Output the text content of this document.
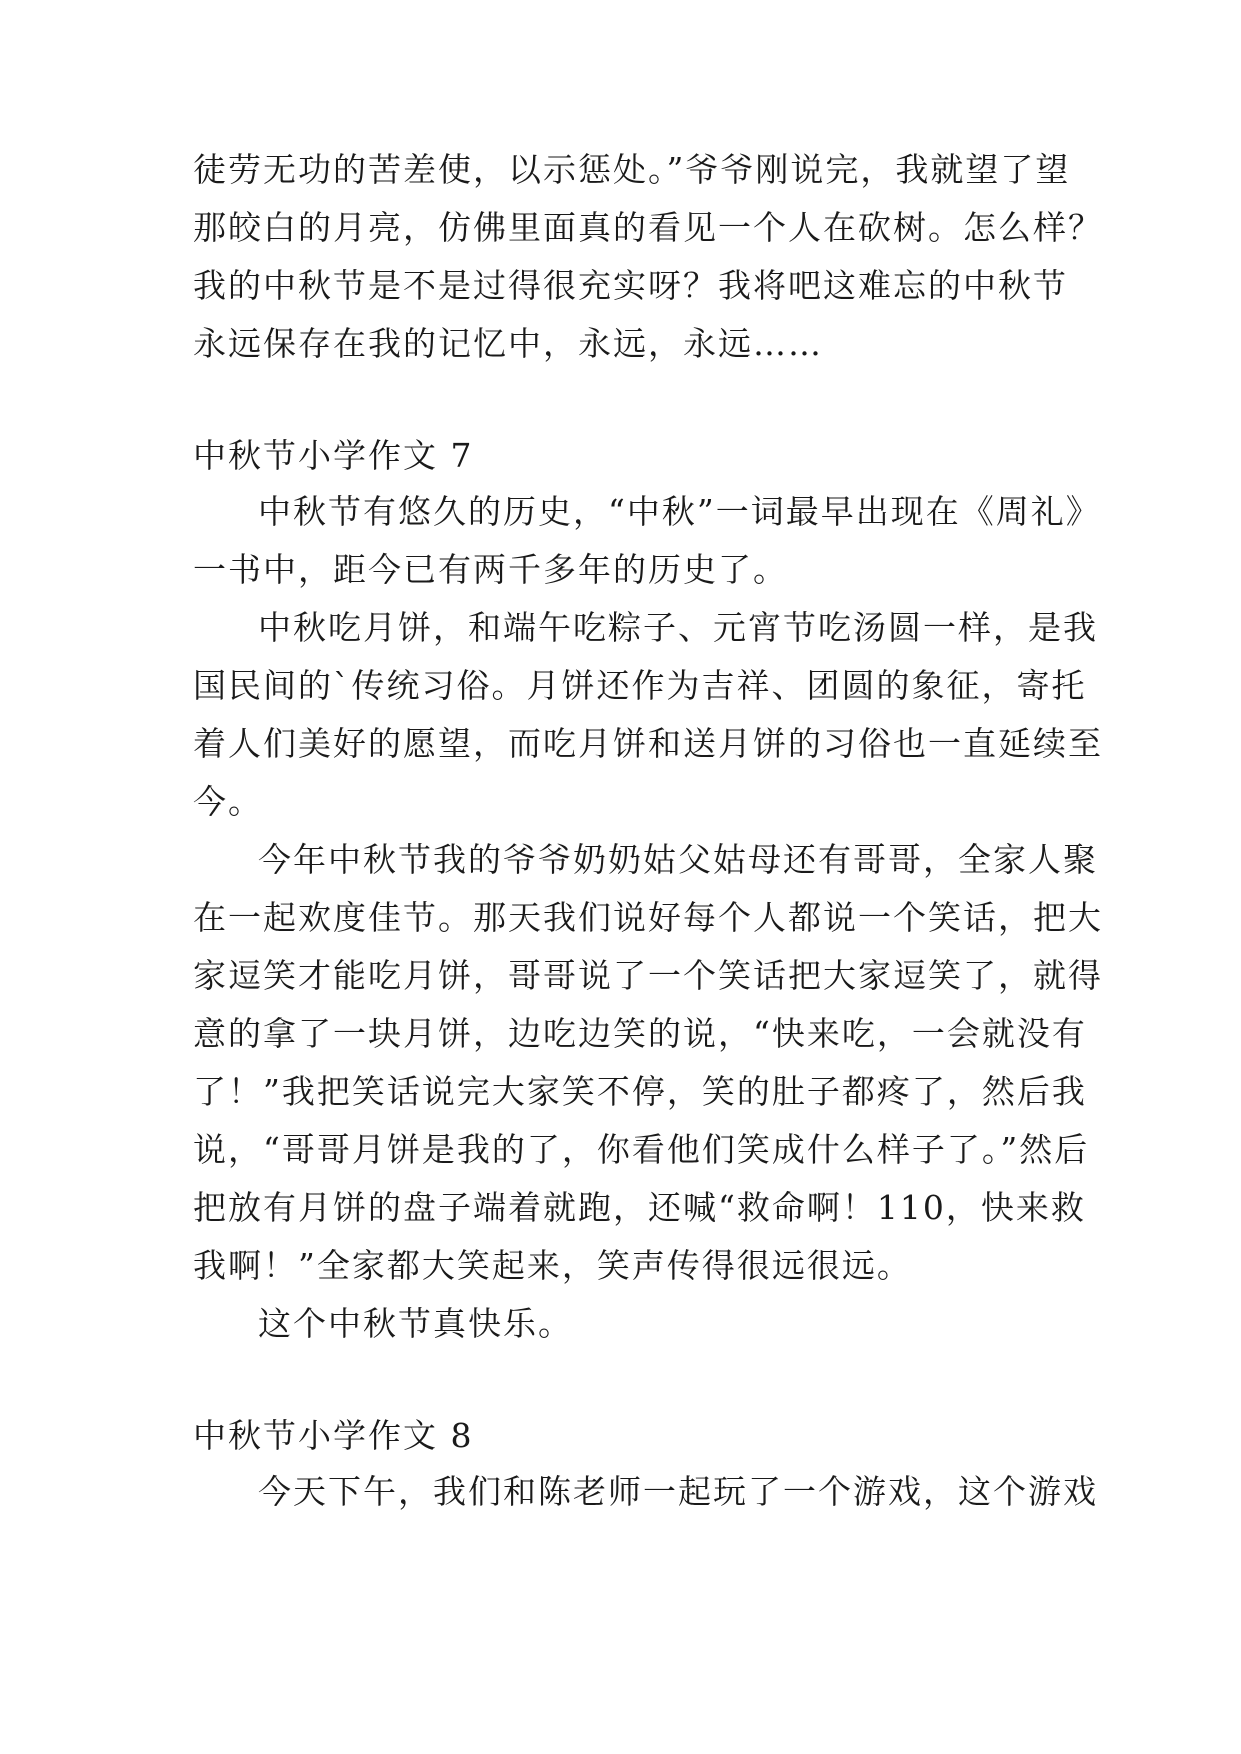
徒劳无功的苦差使，以示惩处。”爷爷刚说完，我就望了望
那皎白的月亮，仿佛里面真的看见一个人在砍树。怎么样？
我的中秋节是不是过得很充实呀？我将吧这难忘的中秋节
永远保存在我的记忆中，永远，永远……
中秋节小学作文 7
中秋节有悠久的历史，“中秋”一词最早出现在《周礼》
一书中，距今已有两千多年的历史了。
中秋吃月饼，和端午吃粽子、元宵节吃汤圆一样，是我
国民间的`传统习俗。月饼还作为吉祥、团圆的象征，寄托
着人们美好的愿望，而吃月饼和送月饼的习俗也一直延续至
今。
今年中秋节我的爷爷奶奶姑父姑母还有哥哥，全家人聚
在一起欢度佳节。那天我们说好每个人都说一个笑话，把大
家逗笑才能吃月饼，哥哥说了一个笑话把大家逗笑了，就得
意的拿了一块月饼，边吃边笑的说，“快来吃，一会就没有
了！”我把笑话说完大家笑不停，笑的肚子都疼了，然后我
说，“哥哥月饼是我的了，你看他们笑成什么样子了。”然后
把放有月饼的盘子端着就跑，还喊“救命啊！110，快来救
我啊！”全家都大笑起来，笑声传得很远很远。
这个中秋节真快乐。
中秋节小学作文 8
今天下午，我们和陈老师一起玩了一个游戏，这个游戏
